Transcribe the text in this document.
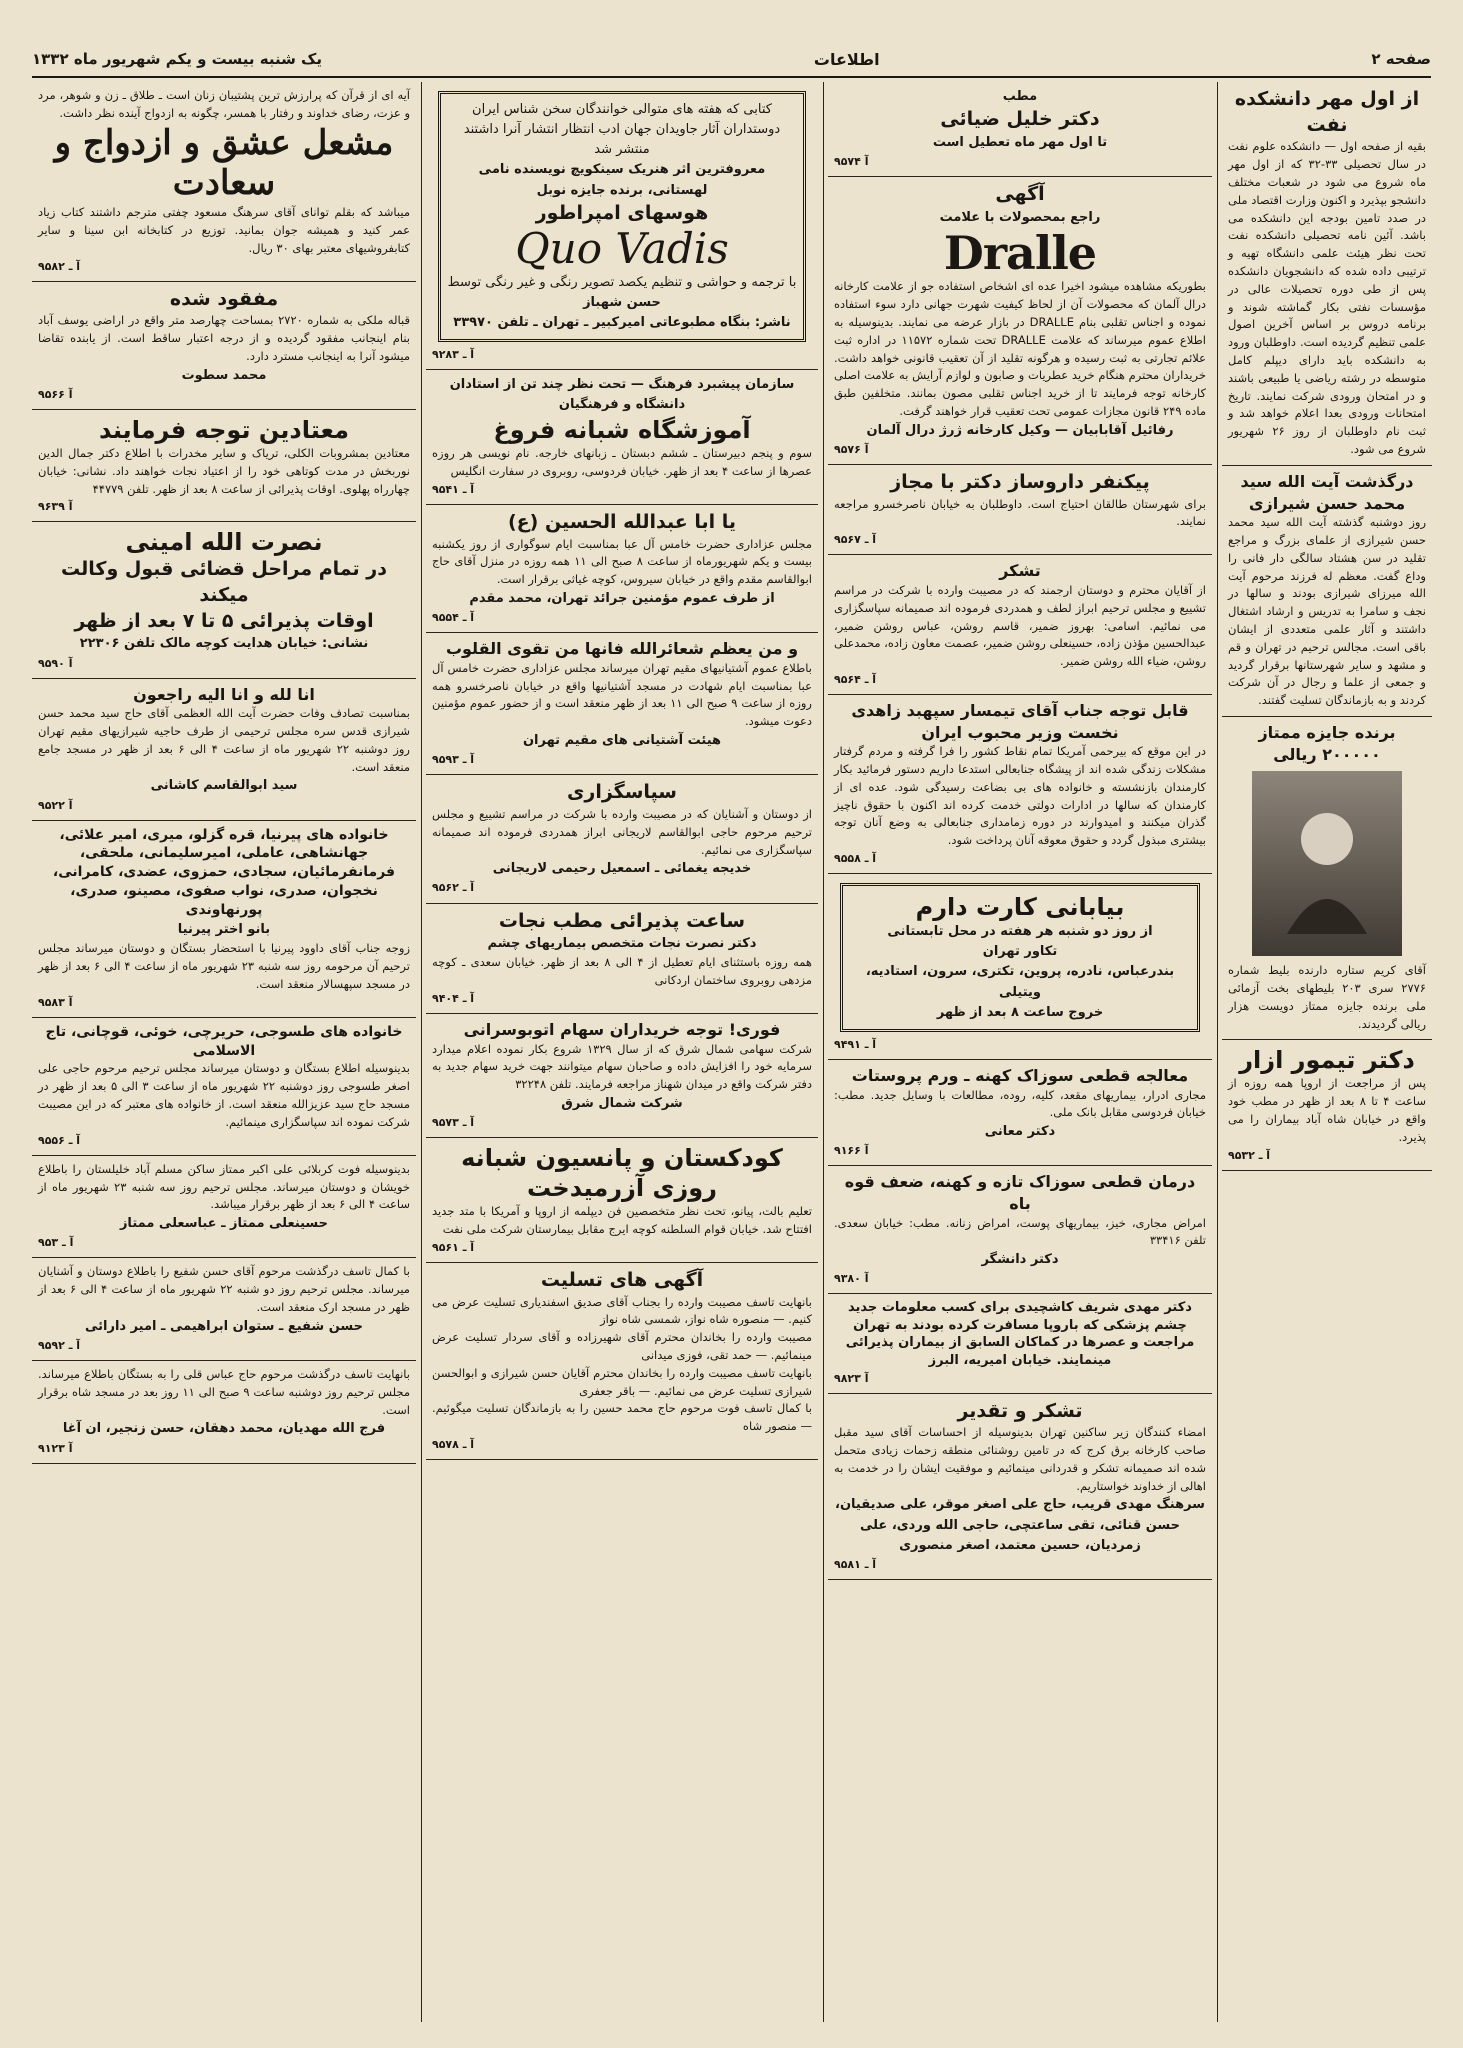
صفحه ۲
اطلاعات
یک شنبه بیست و یکم شهریور ماه ۱۳۳۲
از اول مهر دانشکده نفت
بقیه از صفحه اول — دانشکده علوم نفت در سال تحصیلی ۳۳-۳۲ که از اول مهر ماه شروع می شود در شعبات مختلف دانشجو بپذیرد و اکنون وزارت اقتصاد ملی در صدد تامین بودجه این دانشکده می باشد. آئین نامه تحصیلی دانشکده نفت تحت نظر هیئت علمی دانشگاه تهیه و ترتیبی داده شده که دانشجویان دانشکده پس از طی دوره تحصیلات عالی در مؤسسات نفتی بکار گماشته شوند و برنامه دروس بر اساس آخرین اصول علمی تنظیم گردیده است. داوطلبان ورود به دانشکده باید دارای دیپلم کامل متوسطه در رشته ریاضی یا طبیعی باشند و در امتحان ورودی شرکت نمایند. تاریخ امتحانات ورودی بعدا اعلام خواهد شد و ثبت نام داوطلبان از روز ۲۶ شهریور شروع می شود.
درگذشت آیت الله سید محمد حسن شیرازی
روز دوشنبه گذشته آیت الله سید محمد حسن شیرازی از علمای بزرگ و مراجع تقلید در سن هشتاد سالگی دار فانی را وداع گفت. معظم له فرزند مرحوم آیت الله میرزای شیرازی بودند و سالها در نجف و سامرا به تدریس و ارشاد اشتغال داشتند و آثار علمی متعددی از ایشان باقی است. مجالس ترحیم در تهران و قم و مشهد و سایر شهرستانها برقرار گردید و جمعی از علما و رجال در آن شرکت کردند و به بازماندگان تسلیت گفتند.
برنده جایزه ممتاز ۲۰۰۰۰۰ ریالی
آقای کریم ستاره دارنده بلیط شماره ۲۷۷۶ سری ۲۰۳ بلیطهای بخت آزمائی ملی برنده جایزه ممتاز دویست هزار ریالی گردیدند.
دکتر تیمور ازار
پس از مراجعت از اروپا همه روزه از ساعت ۴ تا ۸ بعد از ظهر در مطب خود واقع در خیابان شاه آباد بیماران را می پذیرد.
آ ـ ۹۵۳۲
مطب
دکتر خلیل ضیائی
تا اول مهر ماه تعطیل است
آ ۹۵۷۴
آگهی
راجع بمحصولات با علامت
Dralle
بطوریکه مشاهده میشود اخیرا عده ای اشخاص استفاده جو از علامت کارخانه درال آلمان که محصولات آن از لحاظ کیفیت شهرت جهانی دارد سوء استفاده نموده و اجناس تقلبی بنام DRALLE در بازار عرضه می نمایند. بدینوسیله به اطلاع عموم میرساند که علامت DRALLE تحت شماره ۱۱۵۷۲ در اداره ثبت علائم تجارتی به ثبت رسیده و هرگونه تقلید از آن تعقیب قانونی خواهد داشت. خریداران محترم هنگام خرید عطریات و صابون و لوازم آرایش به علامت اصلی کارخانه توجه فرمایند تا از خرید اجناس تقلبی مصون بمانند. متخلفین طبق ماده ۲۴۹ قانون مجازات عمومی تحت تعقیب قرار خواهند گرفت.
رفائیل آقابابیان — وکیل کارخانه ژرژ درال آلمان
آ ۹۵۷۶
پیکنفر داروساز دکتر با مجاز
برای شهرستان طالقان احتیاج است. داوطلبان به خیابان ناصرخسرو مراجعه نمایند.
آ ـ ۹۵۶۷
تشکر
از آقایان محترم و دوستان ارجمند که در مصیبت وارده با شرکت در مراسم تشییع و مجلس ترحیم ابراز لطف و همدردی فرموده اند صمیمانه سپاسگزاری می نمائیم. اسامی: بهروز ضمیر، قاسم روشن، عباس روشن ضمیر، عبدالحسین مؤذن زاده، حسینعلی روشن ضمیر، عصمت معاون زاده، محمدعلی روشن، ضیاء الله روشن ضمیر.
آ ـ ۹۵۶۴
قابل توجه جناب آقای تیمسار سپهبد زاهدی نخست وزیر محبوب ایران
در این موقع که بیرحمی آمریکا تمام نقاط کشور را فرا گرفته و مردم گرفتار مشکلات زندگی شده اند از پیشگاه جنابعالی استدعا داریم دستور فرمائید بکار کارمندان بازنشسته و خانواده های بی بضاعت رسیدگی شود. عده ای از کارمندان که سالها در ادارات دولتی خدمت کرده اند اکنون با حقوق ناچیز گذران میکنند و امیدوارند در دوره زمامداری جنابعالی به وضع آنان توجه بیشتری مبذول گردد و حقوق معوقه آنان پرداخت شود.
آ ـ ۹۵۵۸
بیابانی کارت دارم
از روز دو شنبه هر هفته در محل تابستانی
تکاور تهران
بندرعباس، نادره، پروین، تکتری، سرون، استادیه، ویتیلی
خروج ساعت ۸ بعد از ظهر
آ ـ ۹۴۹۱
معالجه قطعی سوزاک کهنه ـ ورم پروستات
مجاری ادرار، بیماریهای مقعد، کلیه، روده، مطالعات با وسایل جدید. مطب: خیابان فردوسی مقابل بانک ملی.
دکتر معانی
آ ۹۱۶۶
درمان قطعی سوزاک تازه و کهنه، ضعف قوه باه
امراض مجاری، خیز، بیماریهای پوست، امراض زنانه. مطب: خیابان سعدی. تلفن ۳۳۴۱۶
دکتر دانشگر
آ ۹۳۸۰
دکتر مهدی شریف کاشچیدی برای کسب معلومات جدید چشم پزشکی که باروپا مسافرت کرده بودند به تهران مراجعت و عصرها در کماکان السابق از بیماران پذیرائی مینمایند. خیابان امیریه، البرز
آ ۹۸۲۳
تشکر و تقدیر
امضاء کنندگان زیر ساکنین تهران بدینوسیله از احساسات آقای سید مقبل صاحب کارخانه برق کرج که در تامین روشنائی منطقه زحمات زیادی متحمل شده اند صمیمانه تشکر و قدردانی مینمائیم و موفقیت ایشان را در خدمت به اهالی از خداوند خواستاریم.
سرهنگ مهدی قریب، حاج علی اصغر موقر، علی صدیقیان، حسن قنائی، تقی ساعتچی، حاجی الله وردی، علی زمردیان، حسین معتمد، اصغر منصوری
آ ـ ۹۵۸۱
کتابی که هفته های متوالی خوانندگان سخن شناس ایران دوستداران آثار جاویدان جهان ادب انتظار انتشار آنرا داشتند منتشر شد
معروفترین اثر هنریک سینکویچ نویسنده نامی لهستانی، برنده جایزه نوبل
هوسهای امپراطور
Quo Vadis
با ترجمه و حواشی و تنظیم یکصد تصویر رنگی و غیر رنگی توسط
حسن شهباز
ناشر: بنگاه مطبوعاتی امیرکبیر ـ تهران ـ تلفن ۳۳۹۷۰
آ ـ ۹۲۸۳
سازمان پیشبرد فرهنگ — تحت نظر چند تن از استادان دانشگاه و فرهنگیان
آموزشگاه شبانه فروغ
سوم و پنجم دبیرستان ـ ششم دبستان ـ زبانهای خارجه. نام نویسی هر روزه عصرها از ساعت ۴ بعد از ظهر. خیابان فردوسی، روبروی در سفارت انگلیس
آ ـ ۹۵۴۱
یا ابا عبدالله الحسین (ع)
مجلس عزاداری حضرت خامس آل عبا بمناسبت ایام سوگواری از روز یکشنبه بیست و یکم شهریورماه از ساعت ۸ صبح الی ۱۱ همه روزه در منزل آقای حاج ابوالقاسم مقدم واقع در خیابان سیروس، کوچه غیاثی برقرار است.
از طرف عموم مؤمنین جرائد تهران، محمد مقدم
آ ـ ۹۵۵۴
و من یعظم شعائرالله فانها من تقوی القلوب
باطلاع عموم آشتیانیهای مقیم تهران میرساند مجلس عزاداری حضرت خامس آل عبا بمناسبت ایام شهادت در مسجد آشتیانیها واقع در خیابان ناصرخسرو همه روزه از ساعت ۹ صبح الی ۱۱ بعد از ظهر منعقد است و از حضور عموم مؤمنین دعوت میشود.
هیئت آشتیانی های مقیم تهران
آ ـ ۹۵۹۳
سپاسگزاری
از دوستان و آشنایان که در مصیبت وارده با شرکت در مراسم تشییع و مجلس ترحیم مرحوم حاجی ابوالقاسم لاریجانی ابراز همدردی فرموده اند صمیمانه سپاسگزاری می نمائیم.
خدیجه یغمائی ـ اسمعیل رحیمی لاریجانی
آ ـ ۹۵۶۲
ساعت پذیرائی مطب نجات
دکتر نصرت نجات متخصص بیماریهای چشم
همه روزه باستثنای ایام تعطیل از ۴ الی ۸ بعد از ظهر. خیابان سعدی ـ کوچه مزدهی روبروی ساختمان اردکانی
آ ـ ۹۴۰۴
فوری! توجه خریداران سهام اتوبوسرانی
شرکت سهامی شمال شرق که از سال ۱۳۲۹ شروع بکار نموده اعلام میدارد سرمایه خود را افزایش داده و صاحبان سهام میتوانند جهت خرید سهام جدید به دفتر شرکت واقع در میدان شهناز مراجعه فرمایند. تلفن ۳۲۲۴۸
شرکت شمال شرق
آ ـ ۹۵۷۳
کودکستان و پانسیون شبانه روزی آزرمیدخت
تعلیم بالت، پیانو، تحت نظر متخصصین فن دیپلمه از اروپا و آمریکا با متد جدید افتتاح شد. خیابان قوام السلطنه کوچه ایرج مقابل بیمارستان شرکت ملی نفت
آ ـ ۹۵۶۱
آگهی های تسلیت
بانهایت تاسف مصیبت وارده را بجناب آقای صدیق اسفندیاری تسلیت عرض می کنیم. — منصوره شاه نواز، شمسی شاه نواز
مصیبت وارده را بخاندان محترم آقای شهیرزاده و آقای سردار تسلیت عرض مینمائیم. — حمد تقی، فوزی میدانی
بانهایت تاسف مصیبت وارده را بخاندان محترم آقایان حسن شیرازی و ابوالحسن شیرازی تسلیت عرض می نمائیم. — باقر جعفری
با کمال تاسف فوت مرحوم حاج محمد حسین را به بازماندگان تسلیت میگوئیم. — منصور شاه
آ ـ ۹۵۷۸
آیه ای از قرآن که پرارزش ترین پشتیبان زنان است ـ طلاق ـ زن و شوهر، مرد و عزت، رضای خداوند و رفتار با همسر، چگونه به ازدواج آینده نظر داشت.
مشعل عشق و ازدواج و سعادت
میباشد که بقلم توانای آقای سرهنگ مسعود چفتی مترجم داشتند کتاب زیاد عمر کنید و همیشه جوان بمانید. توزیع در کتابخانه ابن سینا و سایر کتابفروشیهای معتبر بهای ۳۰ ریال.
آ ـ ۹۵۸۲
مفقود شده
قباله ملکی به شماره ۲۷۲۰ بمساحت چهارصد متر واقع در اراضی یوسف آباد بنام اینجانب مفقود گردیده و از درجه اعتبار ساقط است. از یابنده تقاضا میشود آنرا به اینجانب مسترد دارد.
محمد سطوت
آ ۹۵۶۶
معتادین توجه فرمایند
معتادین بمشروبات الکلی، تریاک و سایر مخدرات با اطلاع دکتر جمال الدین نوربخش در مدت کوتاهی خود را از اعتیاد نجات خواهند داد. نشانی: خیابان چهارراه پهلوی. اوقات پذیرائی از ساعت ۸ بعد از ظهر. تلفن ۴۴۷۷۹
آ ۹۶۳۹
نصرت الله امینی
در تمام مراحل قضائی قبول وکالت میکند
اوقات پذیرائی ۵ تا ۷ بعد از ظهر
نشانی: خیابان هدایت کوچه مالک تلفن ۲۲۳۰۶
آ ۹۵۹۰
انا لله و انا الیه راجعون
بمناسبت تصادف وفات حضرت آیت الله العظمی آقای حاج سید محمد حسن شیرازی قدس سره مجلس ترحیمی از طرف حاجیه شیرازیهای مقیم تهران روز دوشنبه ۲۲ شهریور ماه از ساعت ۴ الی ۶ بعد از ظهر در مسجد جامع منعقد است.
سید ابوالقاسم کاشانی
آ ۹۵۲۲
خانواده های پیرنیا، قره گزلو، میری، امیر علائی، جهانشاهی، عاملی، امیرسلیمانی، ملحقی، فرمانفرمائیان، سجادی، حمزوی، عضدی، کامرانی، نخجوان، صدری، نواب صفوی، مصینو، صدری، پورنهاوندی
بانو اختر پیرنیا
زوجه جناب آقای داوود پیرنیا با استحضار بستگان و دوستان میرساند مجلس ترحیم آن مرحومه روز سه شنبه ۲۳ شهریور ماه از ساعت ۴ الی ۶ بعد از ظهر در مسجد سپهسالار منعقد است.
آ ۹۵۸۳
خانواده های طسوجی، حریرچی، خوئی، قوچانی، تاج الاسلامی
بدینوسیله اطلاع بستگان و دوستان میرساند مجلس ترحیم مرحوم حاجی علی اصغر طسوجی روز دوشنبه ۲۲ شهریور ماه از ساعت ۳ الی ۵ بعد از ظهر در مسجد حاج سید عزیزالله منعقد است. از خانواده های معتبر که در این مصیبت شرکت نموده اند سپاسگزاری مینمائیم.
آ ـ ۹۵۵۶
بدینوسیله فوت کربلائی علی اکبر ممتاز ساکن مسلم آباد خلیلستان را باطلاع خویشان و دوستان میرساند. مجلس ترحیم روز سه شنبه ۲۳ شهریور ماه از ساعت ۴ الی ۶ بعد از ظهر برقرار میباشد.
حسینعلی ممتاز ـ عباسعلی ممتاز
آ ـ ۹۵۳
با کمال تاسف درگذشت مرحوم آقای حسن شفیع را باطلاع دوستان و آشنایان میرساند. مجلس ترحیم روز دو شنبه ۲۲ شهریور ماه از ساعت ۴ الی ۶ بعد از ظهر در مسجد ارک منعقد است.
حسن شفیع ـ ستوان ابراهیمی ـ امیر دارائی
آ ـ ۹۵۹۲
بانهایت تاسف درگذشت مرحوم حاج عباس قلی را به بستگان باطلاع میرساند. مجلس ترحیم روز دوشنبه ساعت ۹ صبح الی ۱۱ روز بعد در مسجد شاه برقرار است.
فرج الله مهدیان، محمد دهقان، حسن زنجیر، ان آغا
آ ۹۱۲۳
